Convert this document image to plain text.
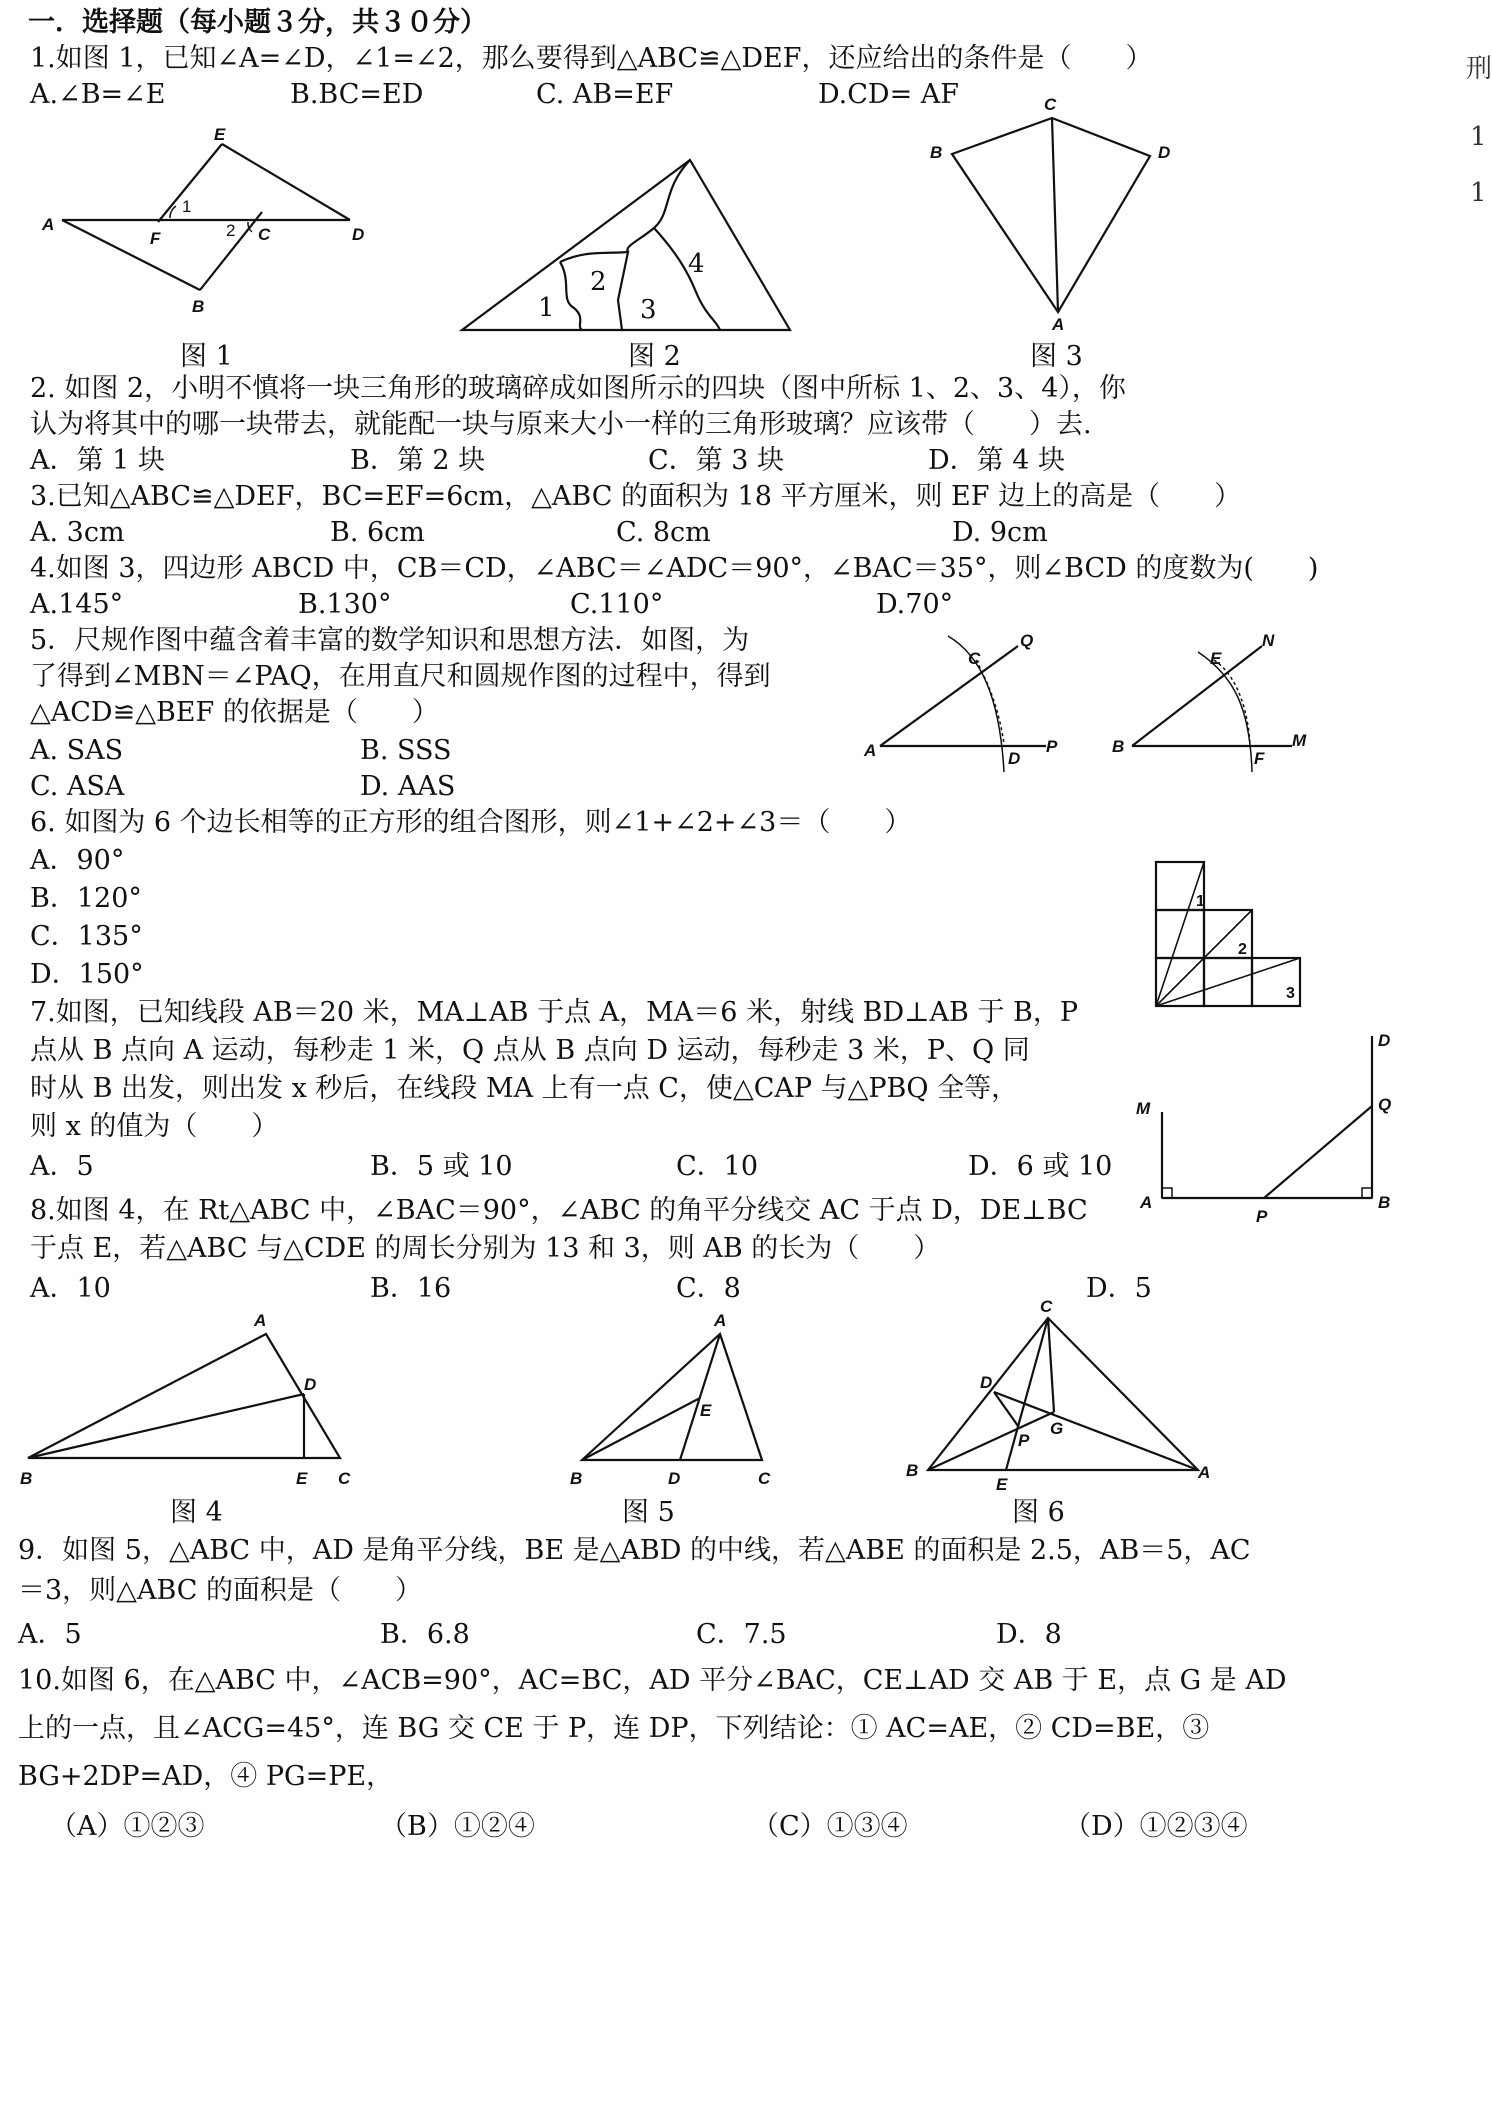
刑
1
1
一．选择题（每小题３分，共３０分）
1.如图 1，已知∠A=∠D，∠1=∠2，那么要得到△ABC≌△DEF，还应给出的条件是（　　）
A.∠B=∠E	B.BC=ED	C. AB=EF	D.CD= AF
E
A
F	C	D
B
1
2
图 1
1
2
3
4
图 2
C
B	D
A
图 3
2. 如图 2，小明不慎将一块三角形的玻璃碎成如图所示的四块（图中所标 1、2、3、4），你
认为将其中的哪一块带去，就能配一块与原来大小一样的三角形玻璃？应该带（　　）去.
A．第 1 块	B．第 2 块	C．第 3 块	D．第 4 块
3.已知△ABC≌△DEF，BC=EF=6cm，△ABC 的面积为 18 平方厘米，则 EF 边上的高是（　　）
A. 3cm	B. 6cm	C. 8cm	D. 9cm
4.如图 3，四边形 ABCD 中，CB＝CD，∠ABC＝∠ADC＝90°，∠BAC＝35°，则∠BCD 的度数为(　　)
A.145°	B.130°	C.110°	D.70°
5．尺规作图中蕴含着丰富的数学知识和思想方法．如图，为
了得到∠MBN＝∠PAQ，在用直尺和圆规作图的过程中，得到
△ACD≌△BEF 的依据是（　　）
A. SAS	B. SSS
C. ASA	D. AAS
C
Q
A	D
P
E
N
B
F
M
6. 如图为 6 个边长相等的正方形的组合图形，则∠1+∠2+∠3＝（　　）
A．90°
B．120°
C．135°
D．150°
1
2
3
7.如图，已知线段 AB＝20 米，MA⊥AB 于点 A，MA＝6 米，射线 BD⊥AB 于 B，P
点从 B 点向 A 运动，每秒走 1 米，Q 点从 B 点向 D 运动，每秒走 3 米，P、Q 同
时从 B 出发，则出发 x 秒后，在线段 MA 上有一点 C，使△CAP 与△PBQ 全等，
则 x 的值为（　　）
A．5	B．5 或 10	C．10	D．6 或 10
D
Q
M
A
P
B
8.如图 4，在 Rt△ABC 中，∠BAC＝90°，∠ABC 的角平分线交 AC 于点 D，DE⊥BC
于点 E，若△ABC 与△CDE 的周长分别为 13 和 3，则 AB 的长为（　　）
A．10	B．16	C．8	D．5
A
D
B	E C
图 4
A
E
B	D	C
图 5
C
D
P
G
B
E
A
图 6
9．如图 5，△ABC 中，AD 是角平分线，BE 是△ABD 的中线，若△ABE 的面积是 2.5，AB＝5，AC
＝3，则△ABC 的面积是（　　）
A．5	B．6.8	C．7.5	D．8
10.如图 6，在△ABC 中，∠ACB=90°，AC=BC，AD 平分∠BAC，CE⊥AD 交 AB 于 E，点 G 是 AD
上的一点，且∠ACG=45°，连 BG 交 CE 于 P，连 DP，下列结论：① AC=AE，② CD=BE，③
BG+2DP=AD，④ PG=PE，
（A）①②③	（B）①②④	（C）①③④	（D）①②③④
